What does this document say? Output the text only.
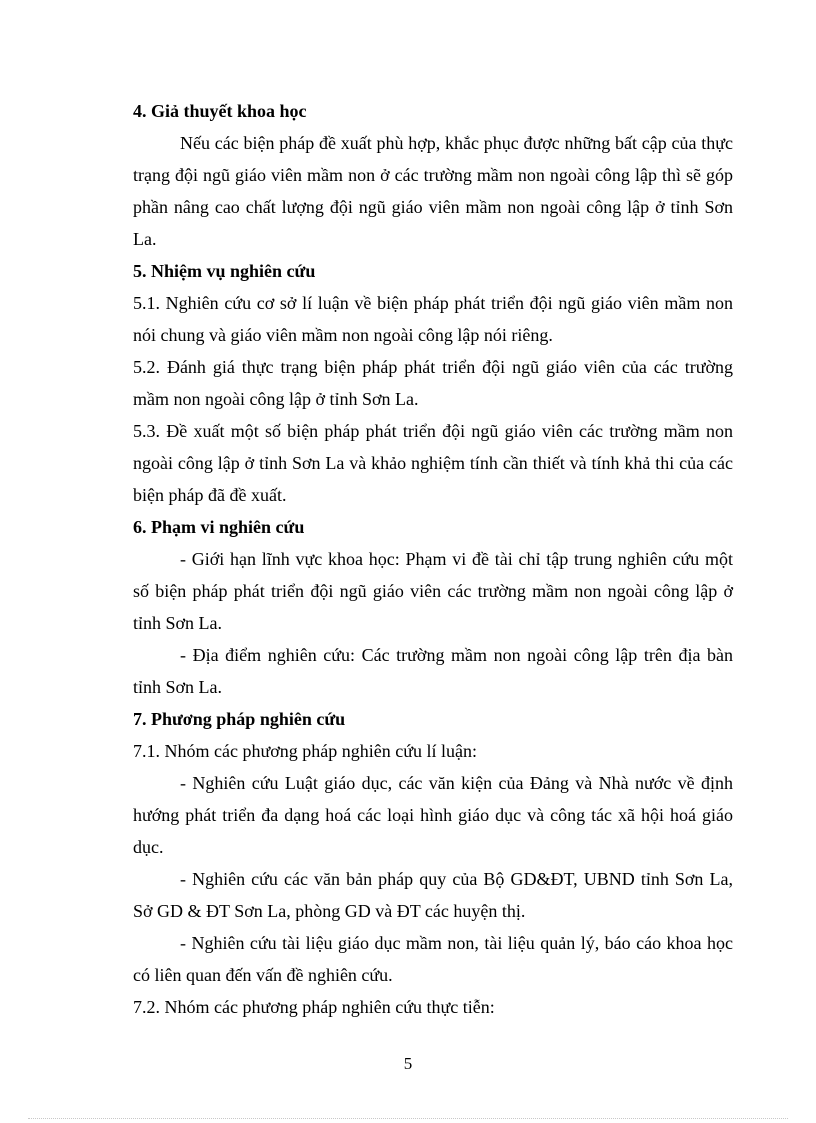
4. Giả thuyết khoa học

Nếu các biện pháp đề xuất phù hợp, khắc phục được những bất cập của thực trạng đội ngũ giáo viên mầm non ở các trường mầm non ngoài công lập thì sẽ góp phần nâng cao chất lượng đội ngũ giáo viên mầm non ngoài công lập ở tỉnh Sơn La.

5. Nhiệm vụ nghiên cứu

5.1. Nghiên cứu cơ sở lí luận về biện pháp phát triển đội ngũ giáo viên mầm non nói chung và giáo viên mầm non ngoài công lập nói riêng.

5.2. Đánh giá thực trạng biện pháp phát triển đội ngũ giáo viên của các trường mầm non ngoài công lập ở tỉnh Sơn La.

5.3. Đề xuất một số biện pháp phát triển đội ngũ giáo viên các trường mầm non ngoài công lập ở tỉnh Sơn La và khảo nghiệm tính cần thiết và tính khả thi của các biện pháp đã đề xuất.

6. Phạm vi nghiên cứu

- Giới hạn lĩnh vực khoa học: Phạm vi đề tài chỉ tập trung nghiên cứu một số biện pháp phát triển đội ngũ giáo viên các trường mầm non ngoài công lập ở tỉnh Sơn La.

- Địa điểm nghiên cứu: Các trường mầm non ngoài công lập trên địa bàn tỉnh Sơn La.

7. Phương pháp nghiên cứu

7.1. Nhóm các phương pháp nghiên cứu lí luận:

- Nghiên cứu Luật giáo dục, các văn kiện của Đảng và Nhà nước về định hướng phát triển đa dạng hoá các loại hình giáo dục và công tác xã hội hoá giáo dục.

- Nghiên cứu các văn bản pháp quy của Bộ GD&ĐT, UBND tỉnh Sơn La, Sở GD & ĐT Sơn La, phòng GD và ĐT các huyện thị.

- Nghiên cứu tài liệu giáo dục mầm non, tài liệu quản lý, báo cáo khoa học có liên quan đến vấn đề nghiên cứu.

7.2. Nhóm các phương pháp nghiên cứu thực tiễn:

5
